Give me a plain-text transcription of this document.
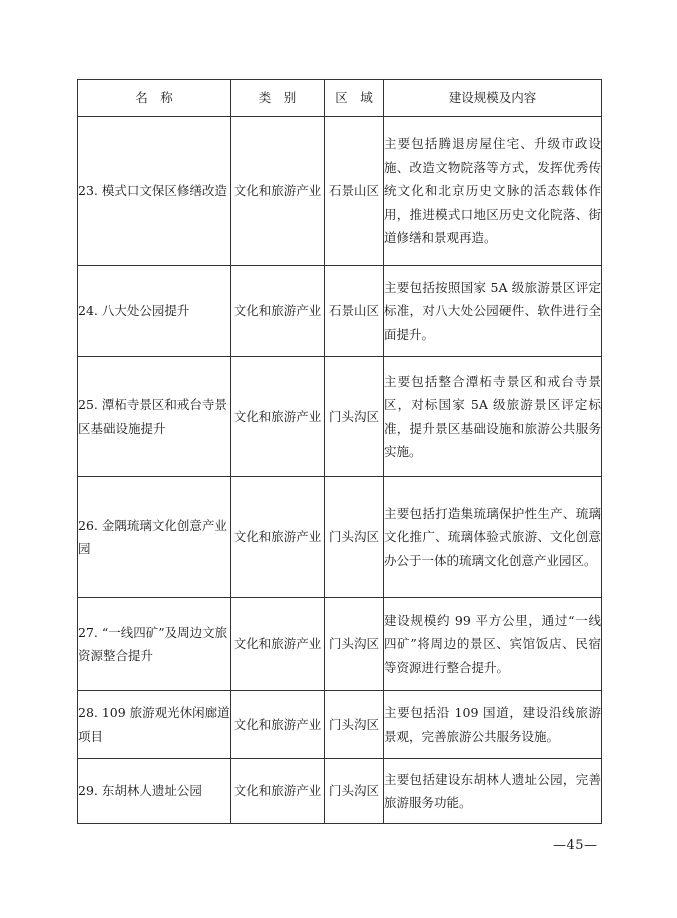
名　称	类　别	区　域	建设规模及内容
23. 模式口文保区修缮改造	文化和旅游产业	石景山区	主要包括腾退房屋住宅、升级市政设施、改造文物院落等方式，发挥优秀传统文化和北京历史文脉的活态载体作用，推进模式口地区历史文化院落、街道修缮和景观再造。
24. 八大处公园提升	文化和旅游产业	石景山区	主要包括按照国家 5A 级旅游景区评定标准，对八大处公园硬件、软件进行全面提升。
25. 潭柘寺景区和戒台寺景区基础设施提升	文化和旅游产业	门头沟区	主要包括整合潭柘寺景区和戒台寺景区，对标国家 5A 级旅游景区评定标准，提升景区基础设施和旅游公共服务实施。
26. 金隅琉璃文化创意产业园	文化和旅游产业	门头沟区	主要包括打造集琉璃保护性生产、琉璃文化推广、琉璃体验式旅游、文化创意办公于一体的琉璃文化创意产业园区。
27. “一线四矿”及周边文旅资源整合提升	文化和旅游产业	门头沟区	建设规模约 99 平方公里，通过“一线四矿”将周边的景区、宾馆饭店、民宿等资源进行整合提升。
28. 109 旅游观光休闲廊道项目	文化和旅游产业	门头沟区	主要包括沿 109 国道，建设沿线旅游景观，完善旅游公共服务设施。
29. 东胡林人遗址公园	文化和旅游产业	门头沟区	主要包括建设东胡林人遗址公园，完善旅游服务功能。
—45—
